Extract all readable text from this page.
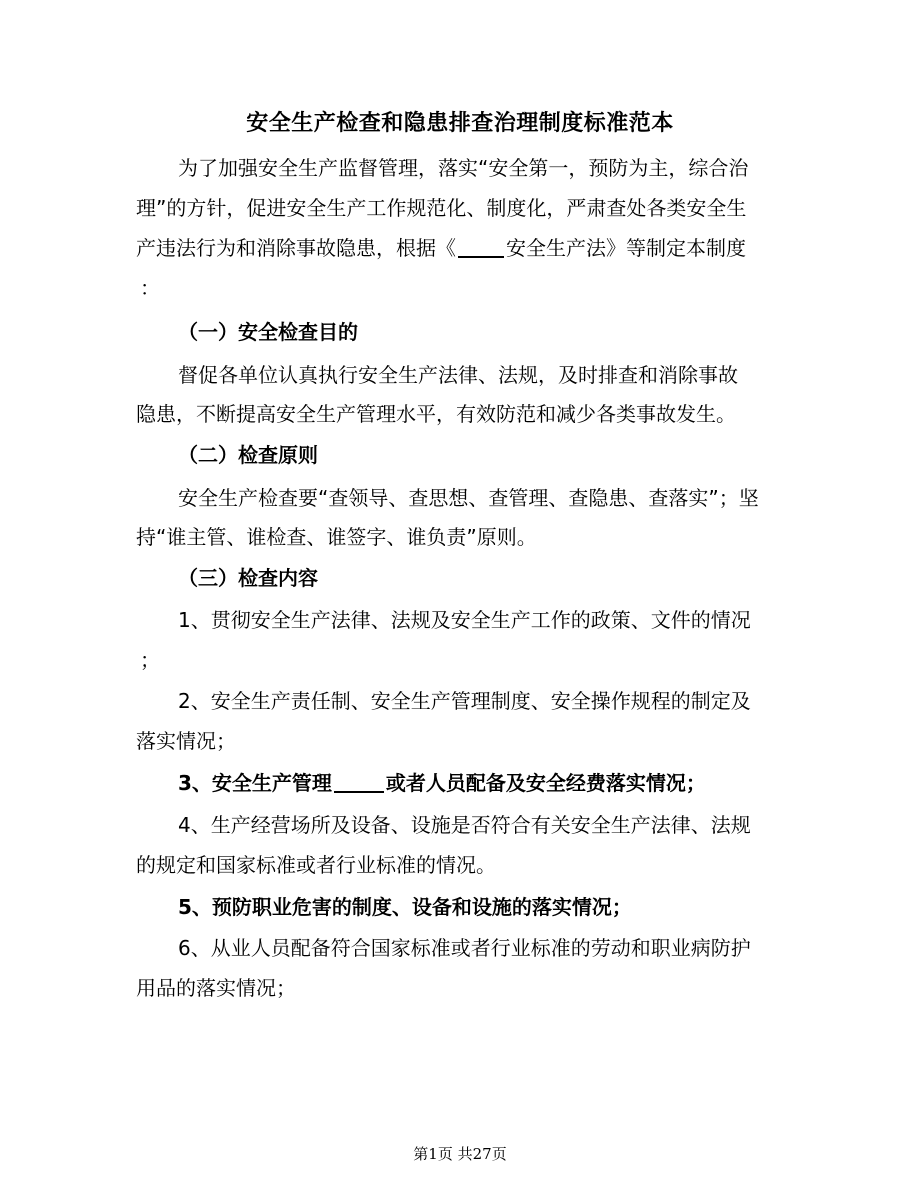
安全生产检查和隐患排查治理制度标准范本
为了加强安全生产监督管理，落实“安全第一，预防为主，综合治
理”的方针，促进安全生产工作规范化、制度化，严肃查处各类安全生
产违法行为和消除事故隐患，根据《	安全生产法》等制定本制度
：
（一）安全检查目的
督促各单位认真执行安全生产法律、法规，及时排查和消除事故
隐患，不断提高安全生产管理水平，有效防范和减少各类事故发生。
（二）检查原则
安全生产检查要“查领导、查思想、查管理、查隐患、查落实”；坚
持“谁主管、谁检查、谁签字、谁负责”原则。
（三）检查内容
1、贯彻安全生产法律、法规及安全生产工作的政策、文件的情况
；
2、安全生产责任制、安全生产管理制度、安全操作规程的制定及
落实情况；
3、安全生产管理	或者人员配备及安全经费落实情况；
4、生产经营场所及设备、设施是否符合有关安全生产法律、法规
的规定和国家标准或者行业标准的情况。
5、预防职业危害的制度、设备和设施的落实情况；
6、从业人员配备符合国家标准或者行业标准的劳动和职业病防护
用品的落实情况；
第1页 共27页
